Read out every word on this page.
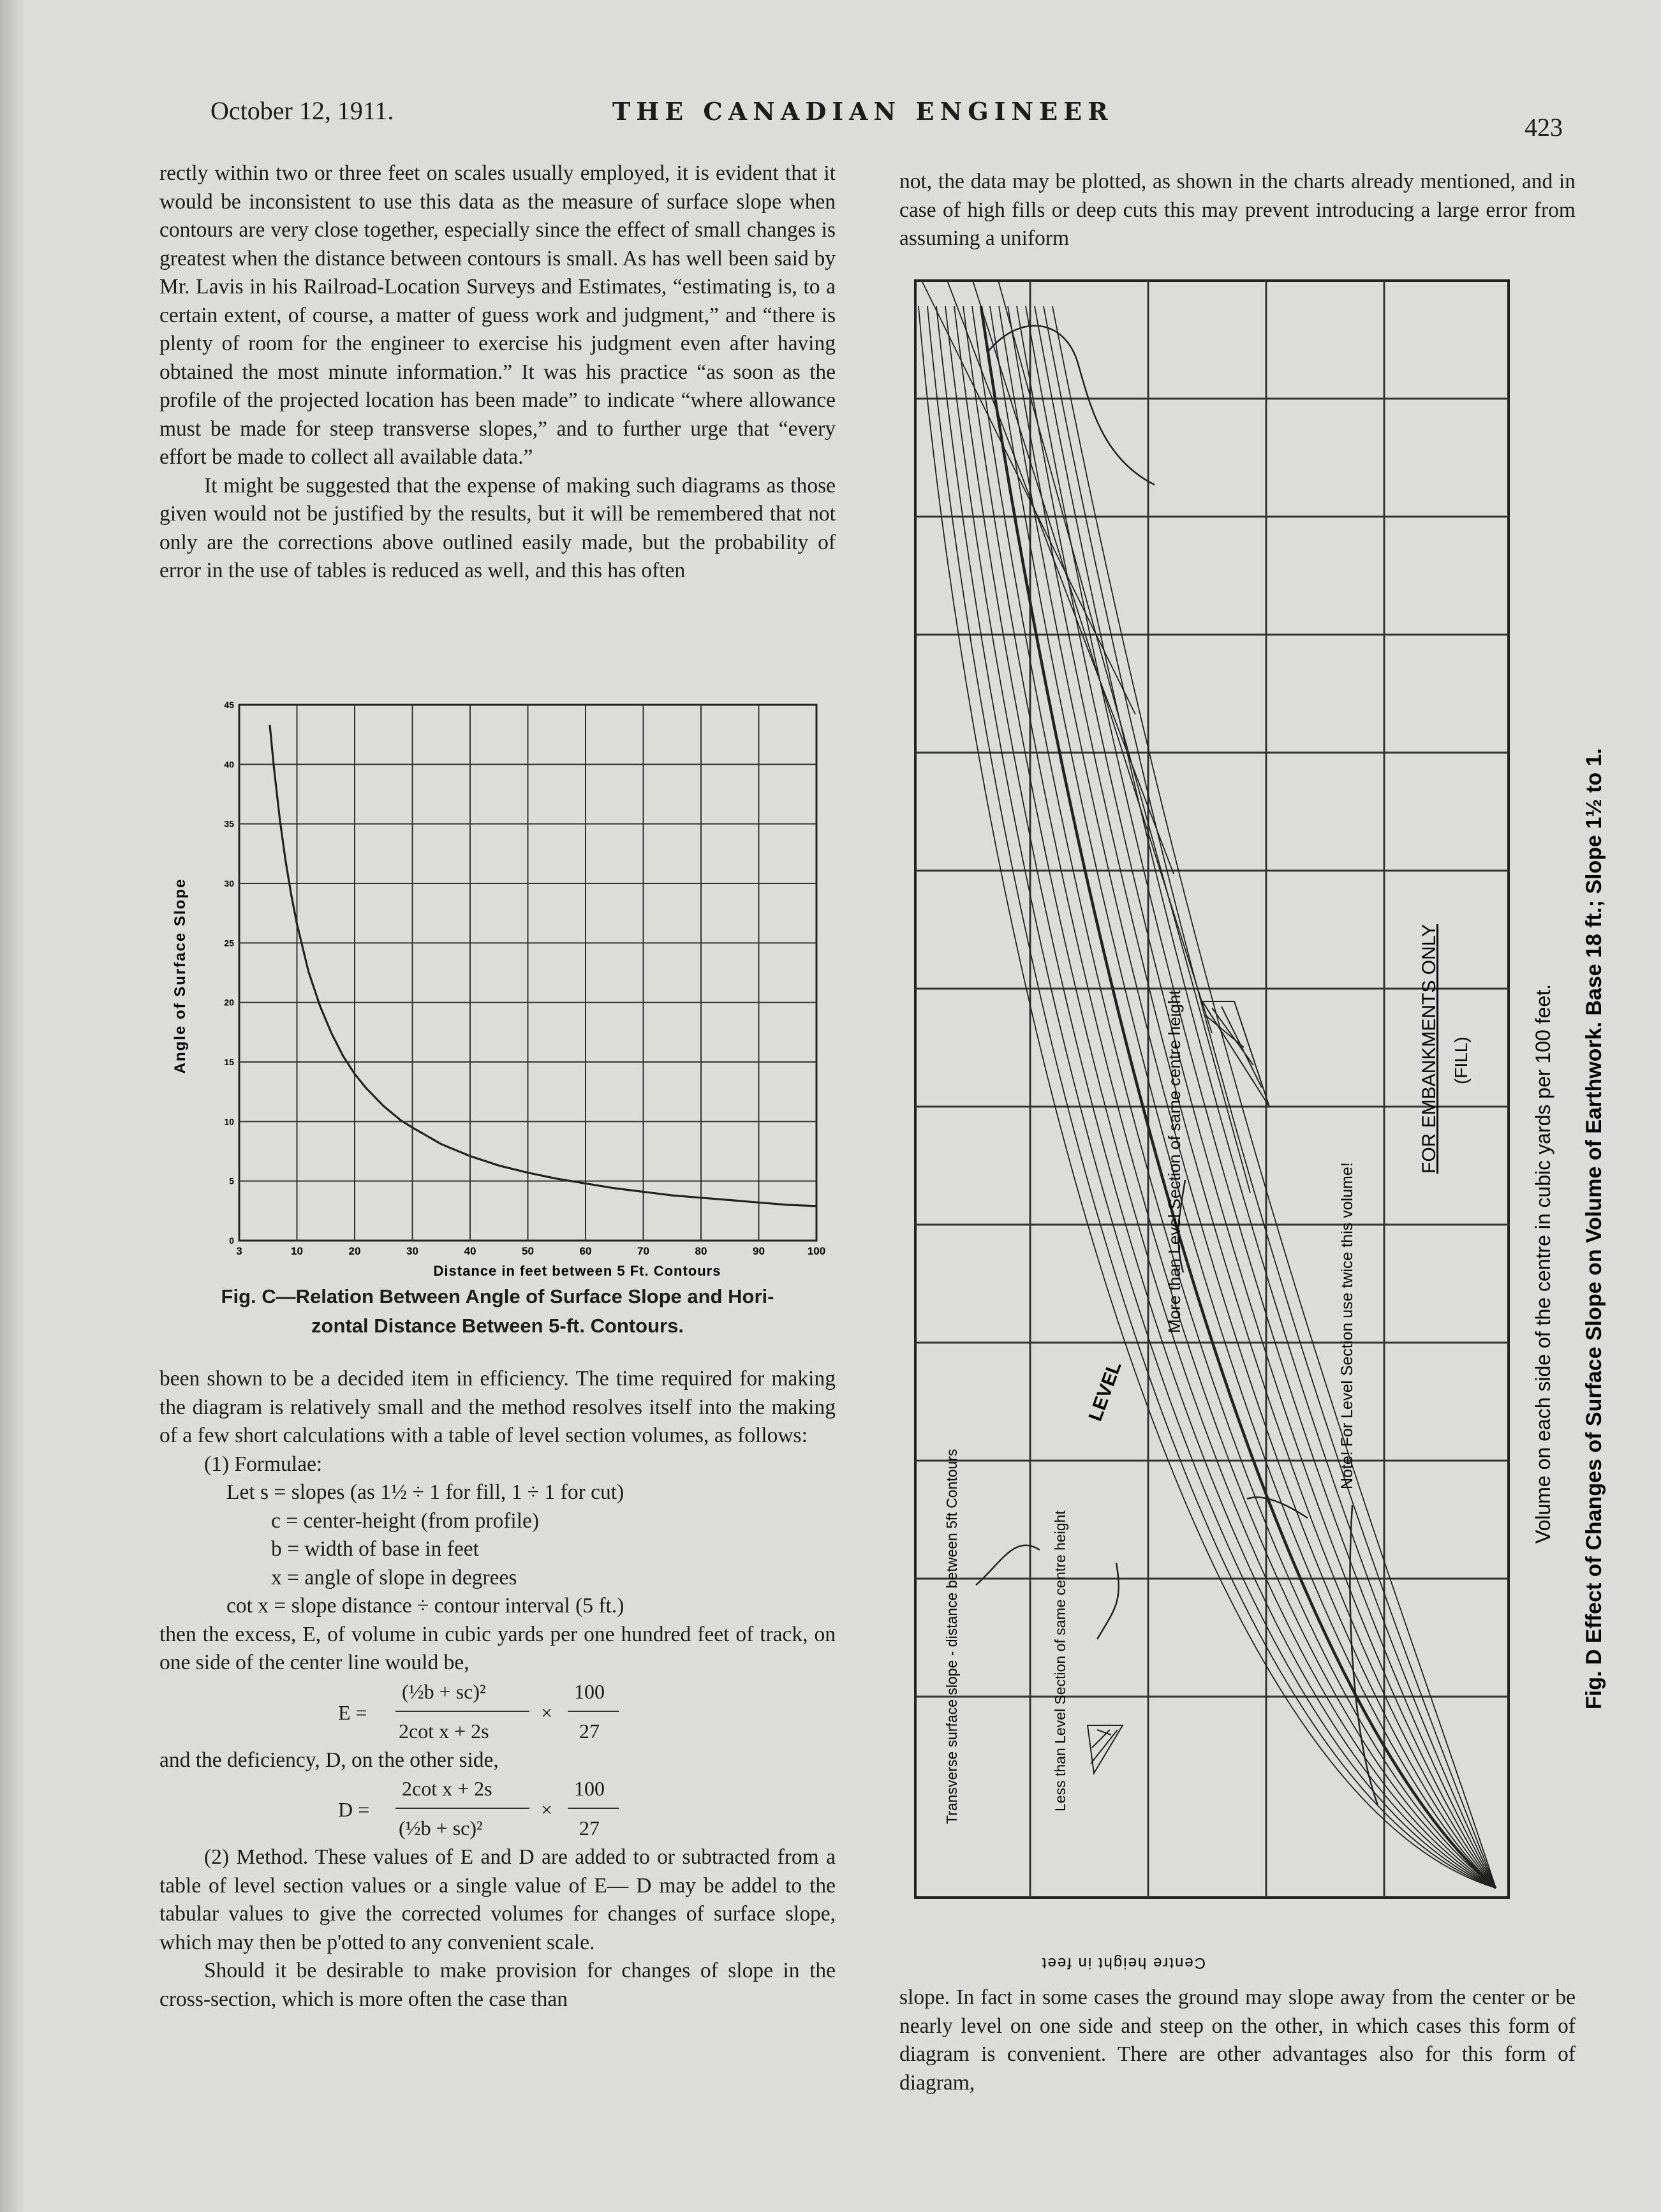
October 12, 1911.	THE CANADIAN ENGINEER
423

rectly within two or three feet on scales usually employed, it is evident that it would be inconsistent to use this data as the measure of surface slope when contours are very close together, especially since the effect of small changes is greatest when the distance between contours is small. As has well been said by Mr. Lavis in his Railroad-Location Surveys and Estimates, “estimating is, to a certain extent, of course, a matter of guess work and judgment,” and “there is plenty of room for the engineer to exercise his judgment even after having obtained the most minute information.” It was his practice “as soon as the profile of the projected location has been made” to indicate “where allowance must be made for steep transverse slopes,” and to further urge that “every effort be made to collect all available data.”

It might be suggested that the expense of making such diagrams as those given would not be justified by the results, but it will be remembered that not only are the corrections above outlined easily made, but the probability of error in the use of tables is reduced as well, and this has often

3	10	20	30	40	50	60	70	80	90	100
0
5
10
15
20
25
30
35
40
45
Distance in feet between 5 Ft. Contours
Angle of Surface Slope
Fig. C—Relation Between Angle of Surface Slope and Hori-
zontal Distance Between 5-ft. Contours.

been shown to be a decided item in efficiency. The time required for making the diagram is relatively small and the method resolves itself into the making of a few short calculations with a table of level section volumes, as follows:

(1) Formulae:
Let s = slopes (as 1½ ÷ 1 for fill, 1 ÷ 1 for cut)
c = center-height (from profile)
b = width of base in feet
x = angle of slope in degrees
cot x = slope distance ÷ contour interval (5 ft.)

then the excess, E, of volume in cubic yards per one hundred feet of track, on one side of the center line would be,

E =
(½b + sc)²
2cot x + 2s
×
100
27

and the deficiency, D, on the other side,

D =
2cot x + 2s
(½b + sc)²
×
100
27

(2) Method. These values of E and D are added to or subtracted from a table of level section values or a single value of E— D may be addel to the tabular values to give the corrected volumes for changes of surface slope, which may then be p'otted to any convenient scale.

Should it be desirable to make provision for changes of slope in the cross-section, which is more often the case than

not, the data may be plotted, as shown in the charts already mentioned, and in case of high fills or deep cuts this may prevent introducing a large error from assuming a uniform

More than Level Section of same centre height	FOR EMBANKMENTS ONLY (FILL)
Note! For Level Section use twice this volume!
LEVEL
Transverse surface slope - distance between 5ft Contours	Less than Level Section of same centre height
Volume on each side of the centre in cubic yards per 100 feet. Fig. D Effect of Changes of Surface Slope on Volume of Earthwork. Base 18 ft.; Slope 1½ to 1.
Centre height in feet

slope. In fact in some cases the ground may slope away from the center or be nearly level on one side and steep on the other, in which cases this form of diagram is convenient. There are other advantages also for this form of diagram,
